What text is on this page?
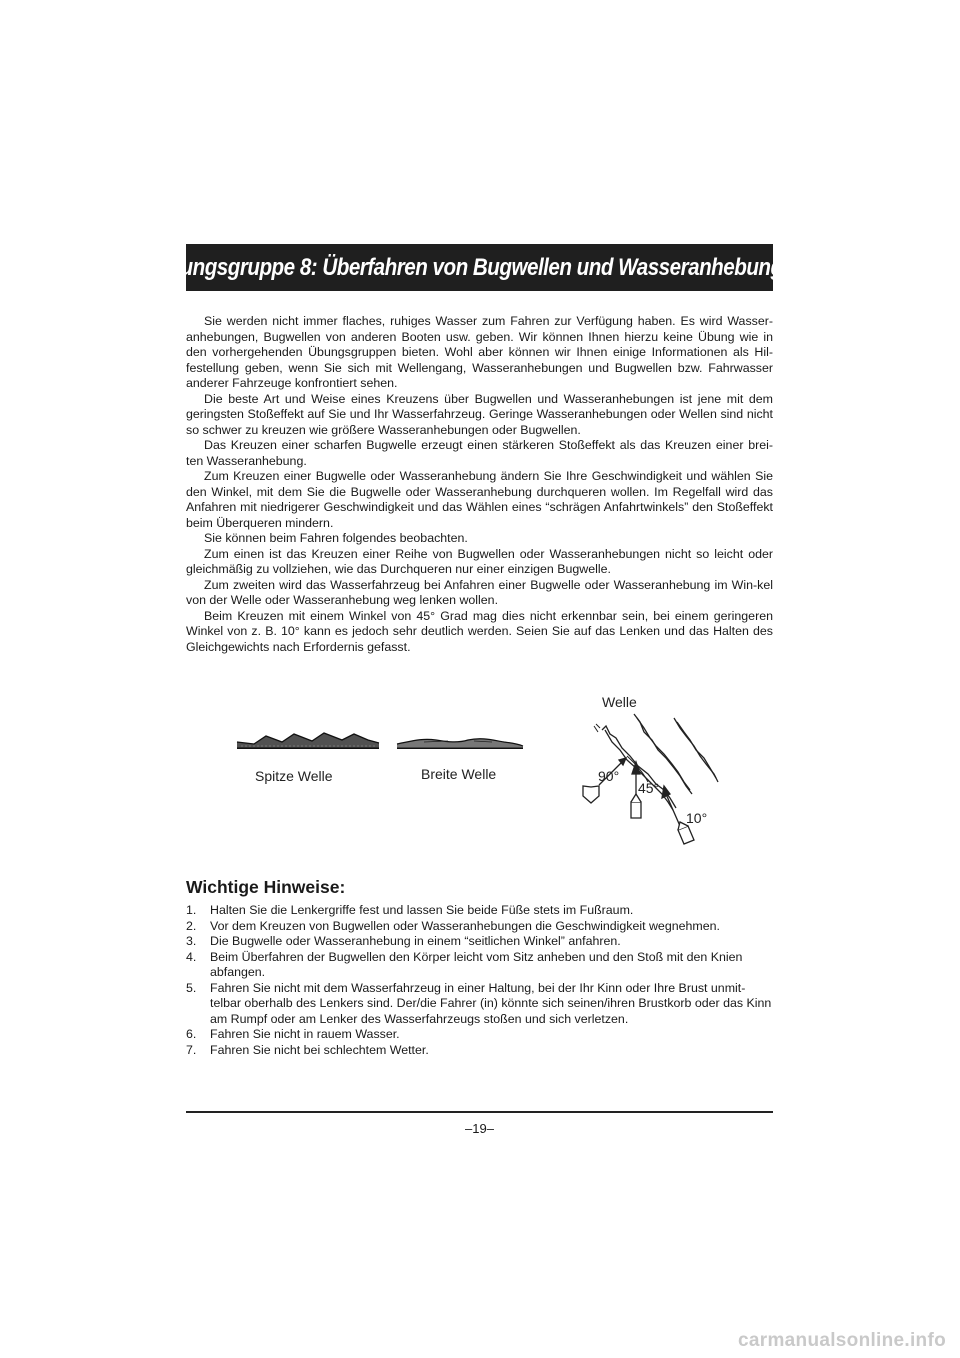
Übungsgruppe 8: Überfahren von Bugwellen und Wasseranhebungen

Sie werden nicht immer flaches, ruhiges Wasser zum Fahren zur Verfügung haben. Es wird Wasser-anhebungen, Bugwellen von anderen Booten usw. geben. Wir können Ihnen hierzu keine Übung wie in den vorhergehenden Übungsgruppen bieten. Wohl aber können wir Ihnen einige Informationen als Hil-festellung geben, wenn Sie sich mit Wellengang, Wasseranhebungen und Bugwellen bzw. Fahrwasser anderer Fahrzeuge konfrontiert sehen.

Die beste Art und Weise eines Kreuzens über Bugwellen und Wasseranhebungen ist jene mit dem geringsten Stoßeffekt auf Sie und Ihr Wasserfahrzeug. Geringe Wasseranhebungen oder Wellen sind nicht so schwer zu kreuzen wie größere Wasseranhebungen oder Bugwellen.

Das Kreuzen einer scharfen Bugwelle erzeugt einen stärkeren Stoßeffekt als das Kreuzen einer brei-ten Wasseranhebung.

Zum Kreuzen einer Bugwelle oder Wasseranhebung ändern Sie Ihre Geschwindigkeit und wählen Sie den Winkel, mit dem Sie die Bugwelle oder Wasseranhebung durchqueren wollen. Im Regelfall wird das Anfahren mit niedrigerer Geschwindigkeit und das Wählen eines “schrägen Anfahrtwinkels” den Stoßeffekt beim Überqueren mindern.

Sie können beim Fahren folgendes beobachten.

Zum einen ist das Kreuzen einer Reihe von Bugwellen oder Wasseranhebungen nicht so leicht oder gleichmäßig zu vollziehen, wie das Durchqueren nur einer einzigen Bugwelle.

Zum zweiten wird das Wasserfahrzeug bei Anfahren einer Bugwelle oder Wasseranhebung im Win-kel von der Welle oder Wasseranhebung weg lenken wollen.

Beim Kreuzen mit einem Winkel von 45° Grad mag dies nicht erkennbar sein, bei einem geringeren Winkel von z. B. 10° kann es jedoch sehr deutlich werden. Seien Sie auf das Lenken und das Halten des Gleichgewichts nach Erfordernis gefasst.

Spitze Welle	Breite Welle
Welle
90°
45°
10°
Wichtige Hinweise:
1.	Halten Sie die Lenkergriffe fest und lassen Sie beide Füße stets im Fußraum.
2.	Vor dem Kreuzen von Bugwellen oder Wasseranhebungen die Geschwindigkeit wegnehmen.
3.	Die Bugwelle oder Wasseranhebung in einem “seitlichen Winkel” anfahren.
4.	Beim Überfahren der Bugwellen den Körper leicht vom Sitz anheben und den Stoß mit den Knien abfangen.
5.	Fahren Sie nicht mit dem Wasserfahrzeug in einer Haltung, bei der Ihr Kinn oder Ihre Brust unmit-telbar oberhalb des Lenkers sind. Der/die Fahrer (in) könnte sich seinen/ihren Brustkorb oder das Kinn am Rumpf oder am Lenker des Wasserfahrzeugs stoßen und sich verletzen.
6.	Fahren Sie nicht in rauem Wasser.
7.	Fahren Sie nicht bei schlechtem Wetter.
–19–
carmanualsonline.info
